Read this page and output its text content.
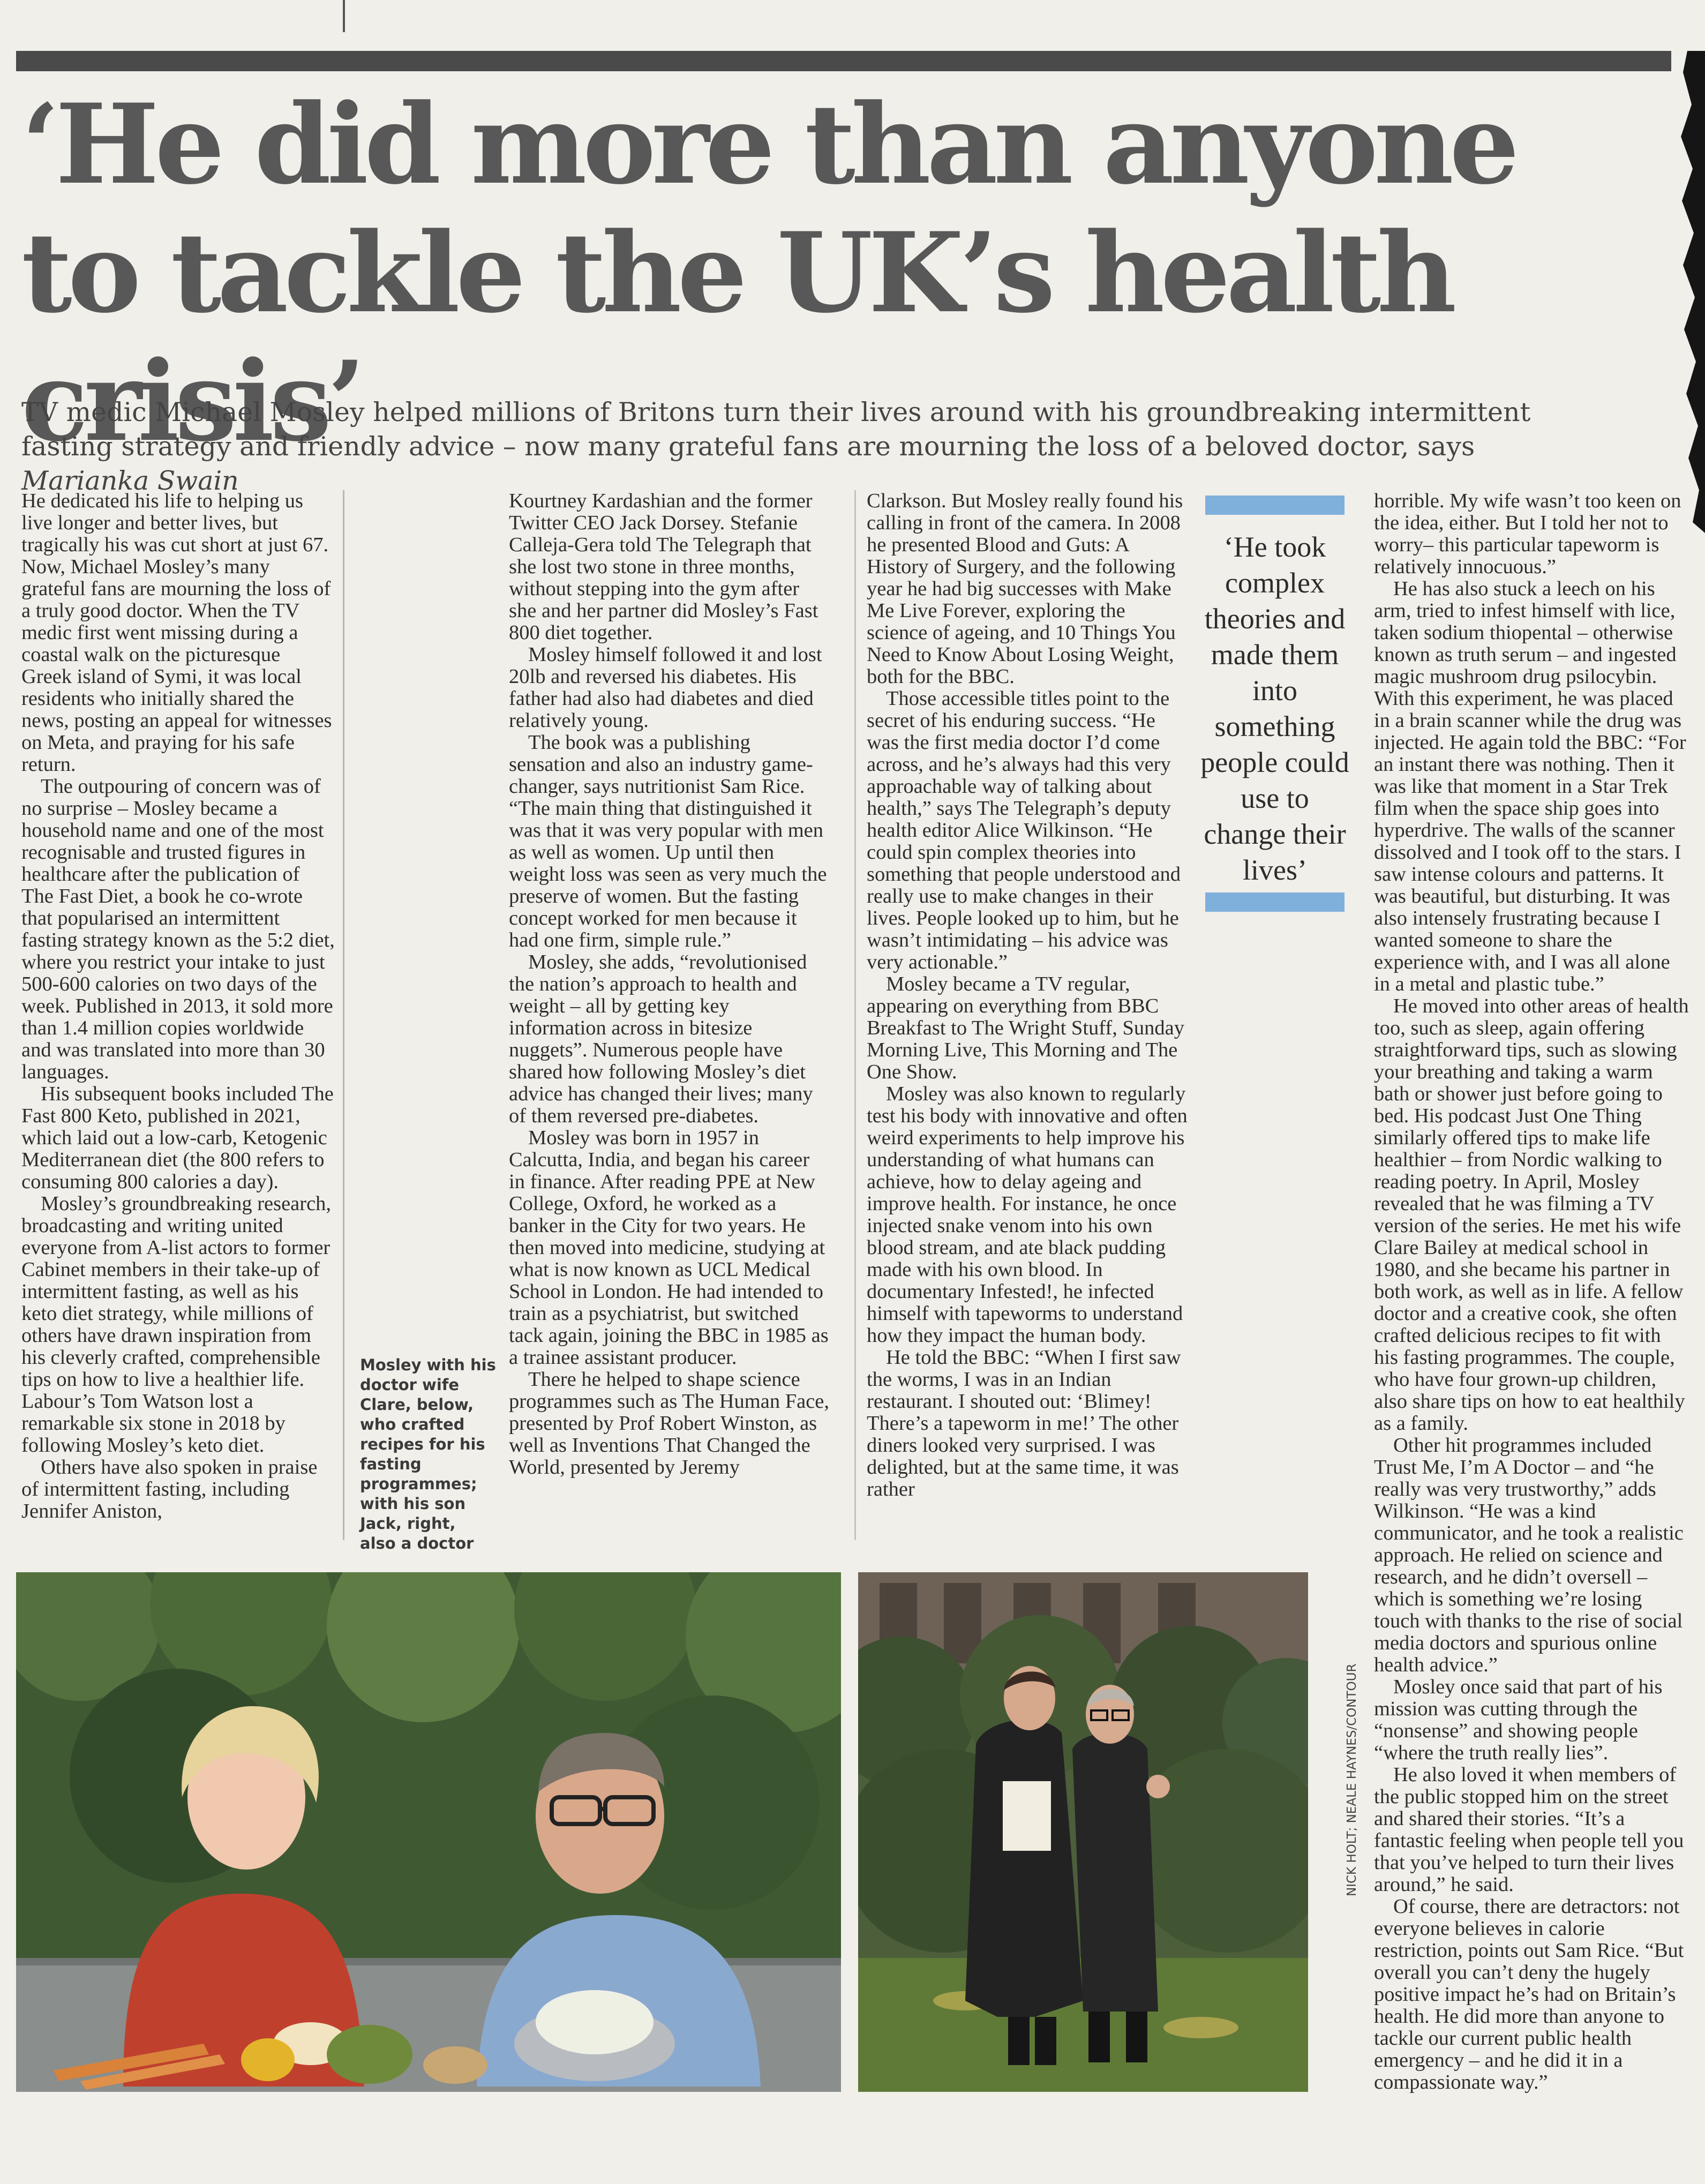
‘He did more than anyone to tackle the UK’s health crisis’
TV medic Michael Mosley helped millions of Britons turn their lives around with his groundbreaking intermittent fasting strategy and friendly advice – now many grateful fans are mourning the loss of a beloved doctor, says Marianka Swain

He dedicated his life to helping us live longer and better lives, but tragically his was cut short at just 67. Now, Michael Mosley’s many grateful fans are mourning the loss of a truly good doctor. When the TV medic first went missing during a coastal walk on the picturesque Greek island of Symi, it was local residents who initially shared the news, posting an appeal for witnesses on Meta, and praying for his safe return.

The outpouring of concern was of no surprise – Mosley became a household name and one of the most recognisable and trusted figures in healthcare after the publication of The Fast Diet, a book he co-wrote that popularised an intermittent fasting strategy known as the 5:2 diet, where you restrict your intake to just 500-600 calories on two days of the week. Published in 2013, it sold more than 1.4 million copies worldwide and was translated into more than 30 languages.

His subsequent books included The Fast 800 Keto, published in 2021, which laid out a low-carb, Ketogenic Mediterranean diet (the 800 refers to consuming 800 calories a day).

Mosley’s groundbreaking research, broadcasting and writing united everyone from A-list actors to former Cabinet members in their take-up of intermittent fasting, as well as his keto diet strategy, while millions of others have drawn inspiration from his cleverly crafted, comprehensible tips on how to live a healthier life. Labour’s Tom Watson lost a remarkable six stone in 2018 by following Mosley’s keto diet.

Others have also spoken in praise of intermittent fasting, including Jennifer Aniston,

Mosley with his doctor wife Clare, below, who crafted recipes for his fasting programmes; with his son Jack, right, also a doctor

Kourtney Kardashian and the former Twitter CEO Jack Dorsey. Stefanie Calleja-Gera told The Telegraph that she lost two stone in three months, without stepping into the gym after she and her partner did Mosley’s Fast 800 diet together.

Mosley himself followed it and lost 20lb and reversed his diabetes. His father had also had diabetes and died relatively young.

The book was a publishing sensation and also an industry game-changer, says nutritionist Sam Rice. “The main thing that distinguished it was that it was very popular with men as well as women. Up until then weight loss was seen as very much the preserve of women. But the fasting concept worked for men because it had one firm, simple rule.”

Mosley, she adds, “revolutionised the nation’s approach to health and weight – all by getting key information across in bitesize nuggets”. Numerous people have shared how following Mosley’s diet advice has changed their lives; many of them reversed pre-diabetes.

Mosley was born in 1957 in Calcutta, India, and began his career in finance. After reading PPE at New College, Oxford, he worked as a banker in the City for two years. He then moved into medicine, studying at what is now known as UCL Medical School in London. He had intended to train as a psychiatrist, but switched tack again, joining the BBC in 1985 as a trainee assistant producer.

There he helped to shape science programmes such as The Human Face, presented by Prof Robert Winston, as well as Inventions That Changed the World, presented by Jeremy

Clarkson. But Mosley really found his calling in front of the camera. In 2008 he presented Blood and Guts: A History of Surgery, and the following year he had big successes with Make Me Live Forever, exploring the science of ageing, and 10 Things You Need to Know About Losing Weight, both for the BBC.

Those accessible titles point to the secret of his enduring success. “He was the first media doctor I’d come across, and he’s always had this very approachable way of talking about health,” says The Telegraph’s deputy health editor Alice Wilkinson. “He could spin complex theories into something that people understood and really use to make changes in their lives. People looked up to him, but he wasn’t intimidating – his advice was very actionable.”

Mosley became a TV regular, appearing on everything from BBC Breakfast to The Wright Stuff, Sunday Morning Live, This Morning and The One Show.

Mosley was also known to regularly test his body with innovative and often weird experiments to help improve his understanding of what humans can achieve, how to delay ageing and improve health. For instance, he once injected snake venom into his own blood stream, and ate black pudding made with his own blood. In documentary Infested!, he infected himself with tapeworms to understand how they impact the human body.

He told the BBC: “When I first saw the worms, I was in an Indian restaurant. I shouted out: ‘Blimey! There’s a tapeworm in me!’ The other diners looked very surprised. I was delighted, but at the same time, it was rather

‘He took complex theories and made them into something people could use to change their lives’

horrible. My wife wasn’t too keen on the idea, either. But I told her not to worry– this particular tapeworm is relatively innocuous.”

He has also stuck a leech on his arm, tried to infest himself with lice, taken sodium thiopental – otherwise known as truth serum – and ingested magic mushroom drug psilocybin. With this experiment, he was placed in a brain scanner while the drug was injected. He again told the BBC: “For an instant there was nothing. Then it was like that moment in a Star Trek film when the space ship goes into hyperdrive. The walls of the scanner dissolved and I took off to the stars. I saw intense colours and patterns. It was beautiful, but disturbing. It was also intensely frustrating because I wanted someone to share the experience with, and I was all alone in a metal and plastic tube.”

He moved into other areas of health too, such as sleep, again offering straightforward tips, such as slowing your breathing and taking a warm bath or shower just before going to bed. His podcast Just One Thing similarly offered tips to make life healthier – from Nordic walking to reading poetry. In April, Mosley revealed that he was filming a TV version of the series. He met his wife Clare Bailey at medical school in 1980, and she became his partner in both work, as well as in life. A fellow doctor and a creative cook, she often crafted delicious recipes to fit with his fasting programmes. The couple, who have four grown-up children, also share tips on how to eat healthily as a family.

Other hit programmes included Trust Me, I’m A Doctor – and “he really was very trustworthy,” adds Wilkinson. “He was a kind communicator, and he took a realistic approach. He relied on science and research, and he didn’t oversell – which is something we’re losing touch with thanks to the rise of social media doctors and spurious online health advice.”

Mosley once said that part of his mission was cutting through the “nonsense” and showing people “where the truth really lies”.

He also loved it when members of the public stopped him on the street and shared their stories. “It’s a fantastic feeling when people tell you that you’ve helped to turn their lives around,” he said.

Of course, there are detractors: not everyone believes in calorie restriction, points out Sam Rice. “But overall you can’t deny the hugely positive impact he’s had on Britain’s health. He did more than anyone to tackle our current public health emergency – and he did it in a compassionate way.”

NICK HOLT; NEALE HAYNES/CONTOUR
